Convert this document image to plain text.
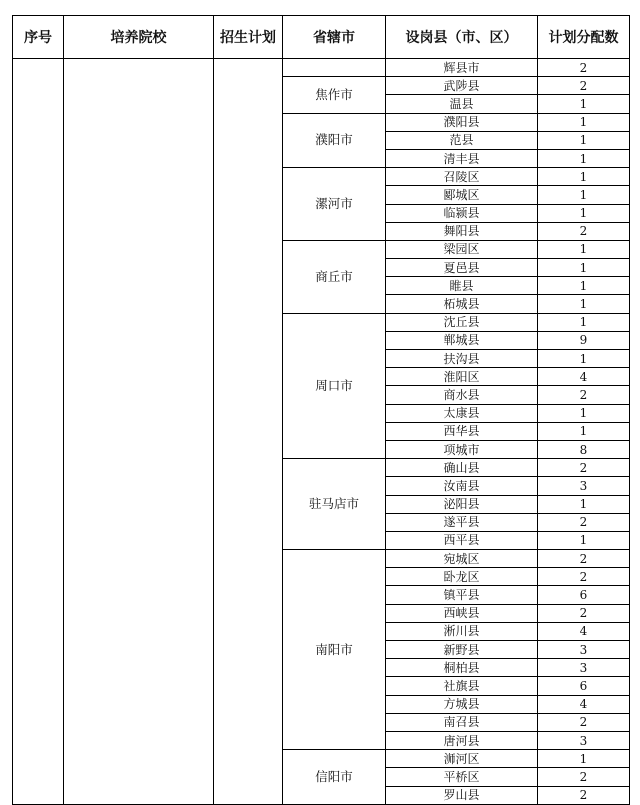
序号	培养院校	招生计划	省辖市	设岗县（市、区）	计划分配数
				辉县市	2
			焦作市	武陟县	2
				温县	1
			濮阳市	濮阳县	1
				范县	1
				清丰县	1
			漯河市	召陵区	1
				郾城区	1
				临颍县	1
				舞阳县	2
			商丘市	梁园区	1
				夏邑县	1
				睢县	1
				柘城县	1
			周口市	沈丘县	1
				郸城县	9
				扶沟县	1
				淮阳区	4
				商水县	2
				太康县	1
				西华县	1
				项城市	8
			驻马店市	确山县	2
				汝南县	3
				泌阳县	1
				遂平县	2
				西平县	1
			南阳市	宛城区	2
				卧龙区	2
				镇平县	6
				西峡县	2
				淅川县	4
				新野县	3
				桐柏县	3
				社旗县	6
				方城县	4
				南召县	2
				唐河县	3
			信阳市	浉河区	1
				平桥区	2
				罗山县	2
